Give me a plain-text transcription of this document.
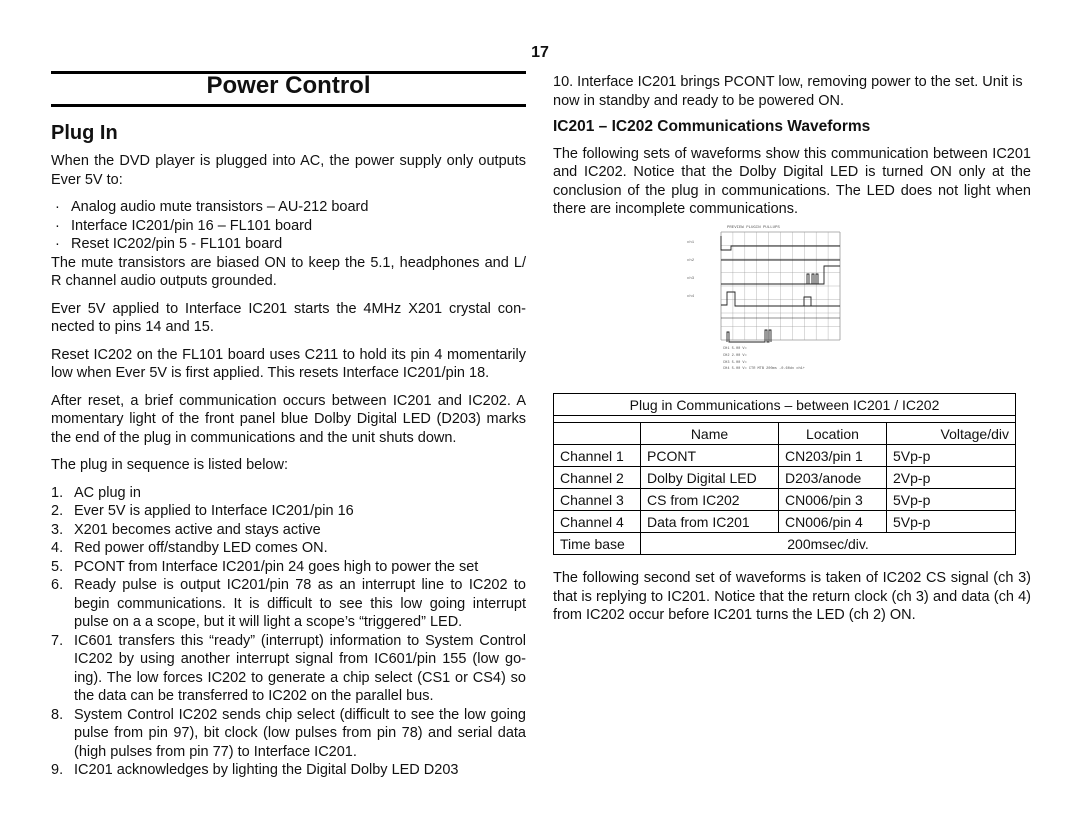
17
Power Control
Plug In

When the DVD player is plugged into AC, the power supply only outputs Ever 5V to:

· Analog audio mute transistors – AU-212 board
· Interface IC201/pin 16 – FL101 board
· Reset IC202/pin 5 - FL101 board

The mute transistors are biased ON to keep the 5.1, headphones and L/ R channel audio outputs grounded.

Ever 5V applied to Interface IC201 starts the 4MHz X201 crystal con- nected to pins 14 and 15.

Reset IC202 on the FL101 board uses C211 to hold its pin 4 momentarily low when Ever 5V is first applied. This resets Interface IC201/pin 18.

After reset, a brief communication occurs between IC201 and IC202. A momentary light of the front panel blue Dolby Digital LED (D203) marks the end of the plug in communications and the unit shuts down.

The plug in sequence is listed below:

1. AC plug in
2. Ever 5V is applied to Interface IC201/pin 16
3. X201 becomes active and stays active
4. Red power off/standby LED comes ON.
5. PCONT from Interface IC201/pin 24 goes high to power the set
6. Ready pulse is output IC201/pin 78 as an interrupt line to IC202 to begin communications. It is difficult to see this low going interrupt pulse on a a scope, but it will light a scope’s “triggered” LED.
7. IC601 transfers this “ready” (interrupt) information to System Control IC202 by using another interrupt signal from IC601/pin 155 (low go- ing). The low forces IC202 to generate a chip select (CS1 or CS4) so the data can be transferred to IC202 on the parallel bus.
8. System Control IC202 sends chip select (difficult to see the low going pulse from pin 97), bit clock (low pulses from pin 78) and serial data (high pulses from pin 77) to Interface IC201.
9. IC201 acknowledges by lighting the Digital Dolby LED D203

10. Interface IC201 brings PCONT low, removing power to the set. Unit is now in standby and ready to be powered ON.

IC201 – IC202 Communications Waveforms

The following sets of waveforms show this communication between IC201 and IC202. Notice that the Dolby Digital LED is turned ON only at the conclusion of the plug in communications. The LED does not light when there are incomplete communications.

PREVIEW PLUGIN PULLUPS
ch1
ch2
ch3
ch4
CH1 5.00 V=
CH2 2.00 V=
CH3 5.00 V=
CH4 5.00 V= CTR MTB 200ms -0.60dv ch1+
Plug in Communications – between IC201 / IC202			

	Name	Location	Voltage/div
Channel 1	PCONT	CN203/pin 1	5Vp-p
Channel 2	Dolby Digital LED	D203/anode	2Vp-p
Channel 3	CS from IC202	CN006/pin 3	5Vp-p
Channel 4	Data from IC201	CN006/pin 4	5Vp-p
Time base	200msec/div.		

The following second set of waveforms is taken of IC202 CS signal (ch 3) that is replying to IC201. Notice that the return clock (ch 3) and data (ch 4) from IC202 occur before IC201 turns the LED (ch 2) ON.
